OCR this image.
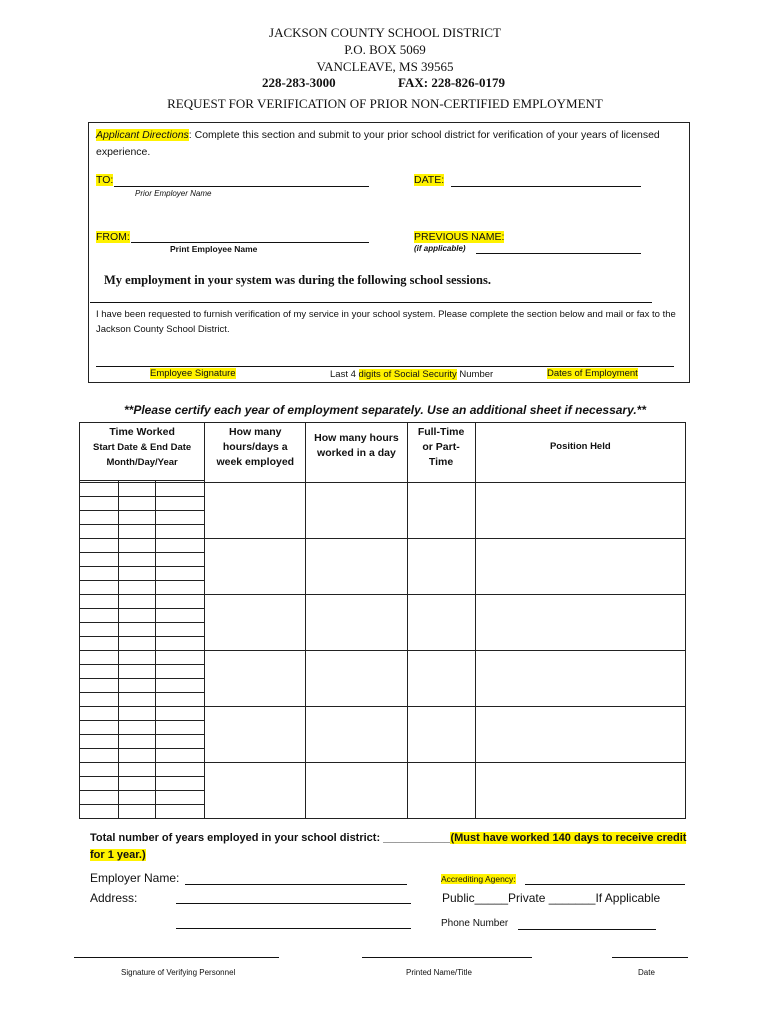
JACKSON COUNTY SCHOOL DISTRICT
P.O. BOX 5069
VANCLEAVE, MS 39565
228-283-3000	FAX: 228-826-0179
REQUEST FOR VERIFICATION OF PRIOR NON-CERTIFIED EMPLOYMENT
Applicant Directions: Complete this section and submit to your prior school district for verification of your years of licensed experience.
TO:
Prior Employer Name
DATE:
FROM:
Print Employee Name
PREVIOUS NAME:
(if applicable)
My employment in your system was during the following school sessions.
I have been requested to furnish verification of my service in your school system. Please complete the section below and mail or fax to the Jackson County School District.
Employee Signature	Last 4 digits of Social Security Number	Dates of Employment
**Please certify each year of employment separately. Use an additional sheet if necessary.**
Time Worked
Start Date & End Date
Month/Day/Year			How many hours/days a week employed	How many hours worked in a day	Full-Time or Part-Time	Position Held

Total number of years employed in your school district: ___________(Must have worked 140 days to receive credit for 1 year.)
Employer Name:	Accrediting Agency:
Address:	Public_____Private _______If Applicable
Phone Number
Signature of Verifying Personnel	Printed Name/Title	Date
